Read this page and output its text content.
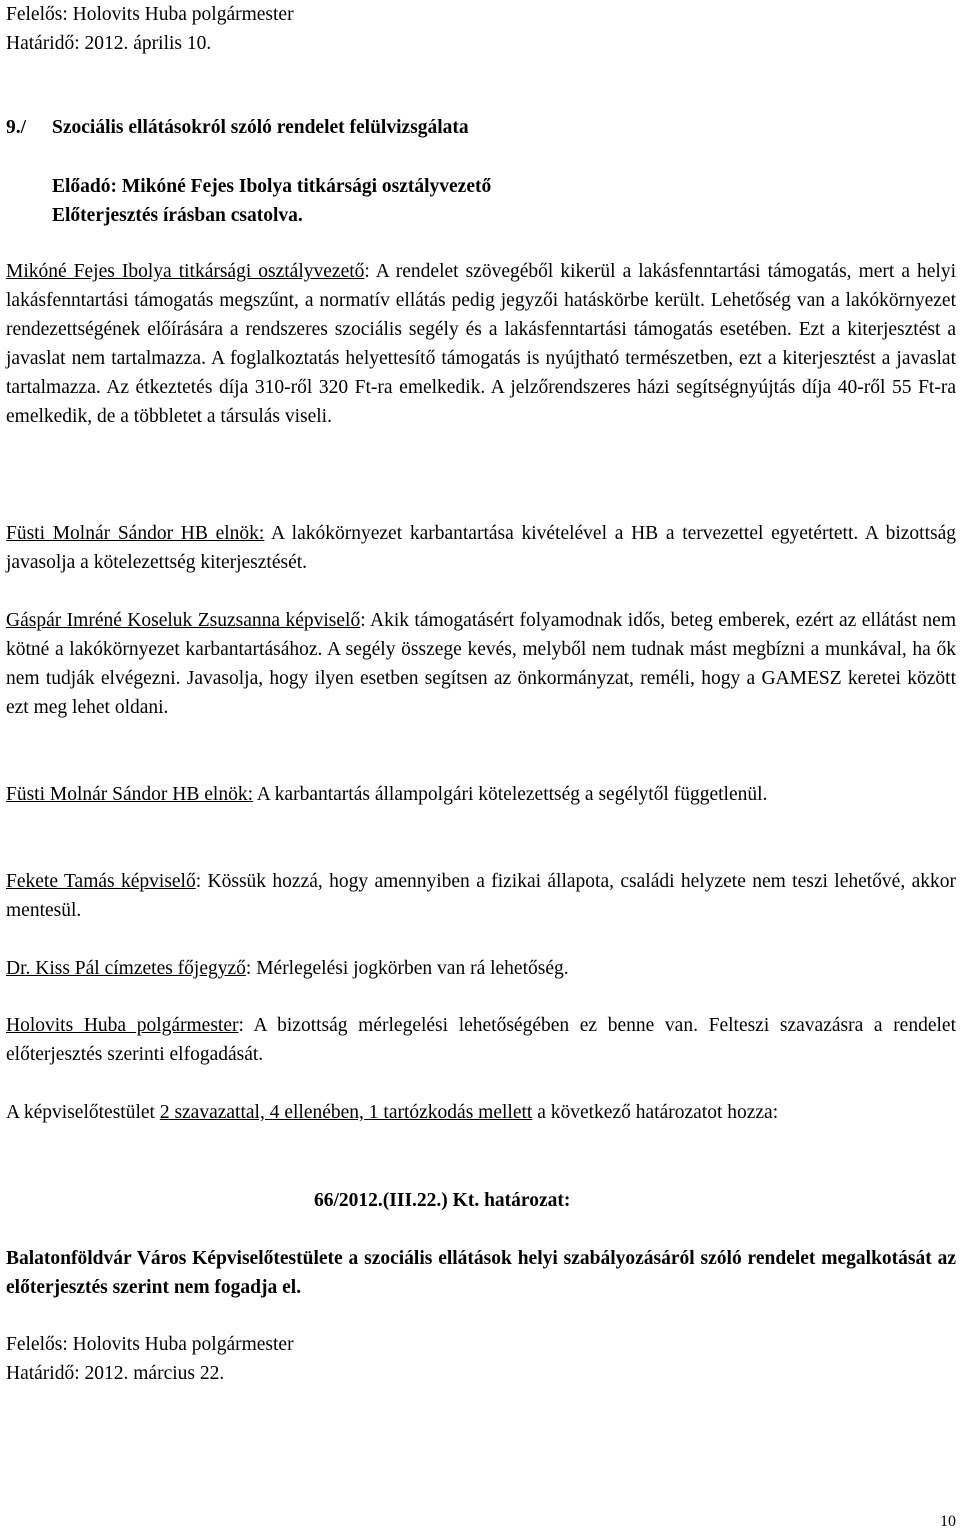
Felelős: Holovits Huba polgármester

Határidő: 2012. április 10.

9./ Szociális ellátásokról szóló rendelet felülvizsgálata
Előadó: Mikóné Fejes Ibolya titkársági osztályvezető
Előterjesztés írásban csatolva.

Mikóné Fejes Ibolya titkársági osztályvezető: A rendelet szövegéből kikerül a lakásfenntartási támogatás, mert a helyi lakásfenntartási támogatás megszűnt, a normatív ellátás pedig jegyzői hatáskörbe került. Lehetőség van a lakókörnyezet rendezettségének előírására a rendszeres szociális segély és a lakásfenntartási támogatás esetében. Ezt a kiterjesztést a javaslat nem tartalmazza. A foglalkoztatás helyettesítő támogatás is nyújtható természetben, ezt a kiterjesztést a javaslat tartalmazza. Az étkeztetés díja 310-ről 320 Ft-ra emelkedik. A jelzőrendszeres házi segítségnyújtás díja 40-ről 55 Ft-ra emelkedik, de a többletet a társulás viseli.

Füsti Molnár Sándor HB elnök: A lakókörnyezet karbantartása kivételével a HB a tervezettel egyetértett. A bizottság javasolja a kötelezettség kiterjesztését.

Gáspár Imréné Koseluk Zsuzsanna képviselő: Akik támogatásért folyamodnak idős, beteg emberek, ezért az ellátást nem kötné a lakókörnyezet karbantartásához. A segély összege kevés, melyből nem tudnak mást megbízni a munkával, ha ők nem tudják elvégezni. Javasolja, hogy ilyen esetben segítsen az önkormányzat, reméli, hogy a GAMESZ keretei között ezt meg lehet oldani.

Füsti Molnár Sándor HB elnök: A karbantartás állampolgári kötelezettség a segélytől függetlenül.

Fekete Tamás képviselő: Kössük hozzá, hogy amennyiben a fizikai állapota, családi helyzete nem teszi lehetővé, akkor mentesül.

Dr. Kiss Pál címzetes főjegyző: Mérlegelési jogkörben van rá lehetőség.

Holovits Huba polgármester: A bizottság mérlegelési lehetőségében ez benne van. Felteszi szavazásra a rendelet előterjesztés szerinti elfogadását.

A képviselőtestület 2 szavazattal, 4 ellenében, 1 tartózkodás mellett a következő határozatot hozza:

66/2012.(III.22.) Kt. határozat:

Balatonföldvár Város Képviselőtestülete a szociális ellátások helyi szabályozásáról szóló rendelet megalkotását az előterjesztés szerint nem fogadja el.

Felelős: Holovits Huba polgármester

Határidő: 2012. március 22.

10
